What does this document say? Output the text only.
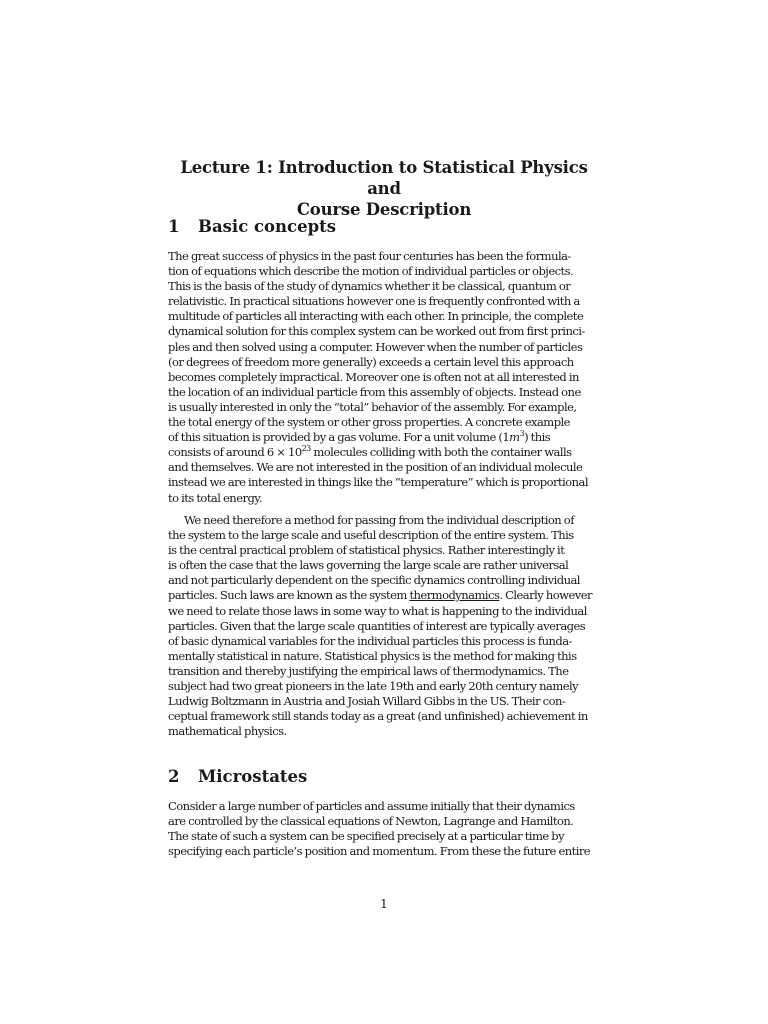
Lecture 1: Introduction to Statistical Physics and
Course Description
1 Basic concepts
The great success of physics in the past four centuries has been the formula-
tion of equations which describe the motion of individual particles or objects.
This is the basis of the study of dynamics whether it be classical, quantum or
relativistic. In practical situations however one is frequently confronted with a
multitude of particles all interacting with each other. In principle, the complete
dynamical solution for this complex system can be worked out from first princi-
ples and then solved using a computer. However when the number of particles
(or degrees of freedom more generally) exceeds a certain level this approach
becomes completely impractical. Moreover one is often not at all interested in
the location of an individual particle from this assembly of objects. Instead one
is usually interested in only the “total” behavior of the assembly. For example,
the total energy of the system or other gross properties. A concrete example
of this situation is provided by a gas volume. For a unit volume $(1m^3)$ this
consists of around $6 \times 10^{23}$ molecules colliding with both the container walls
and themselves. We are not interested in the position of an individual molecule
instead we are interested in things like the “temperature” which is proportional
to its total energy.
We need therefore a method for passing from the individual description of
the system to the large scale and useful description of the entire system. This
is the central practical problem of statistical physics. Rather interestingly it
is often the case that the laws governing the large scale are rather universal
and not particularly dependent on the specific dynamics controlling individual
particles. Such laws are known as the system thermodynamics. Clearly however
we need to relate those laws in some way to what is happening to the individual
particles. Given that the large scale quantities of interest are typically averages
of basic dynamical variables for the individual particles this process is funda-
mentally statistical in nature. Statistical physics is the method for making this
transition and thereby justifying the empirical laws of thermodynamics. The
subject had two great pioneers in the late 19th and early 20th century namely
Ludwig Boltzmann in Austria and Josiah Willard Gibbs in the US. Their con-
ceptual framework still stands today as a great (and unfinished) achievement in
mathematical physics.
2 Microstates
Consider a large number of particles and assume initially that their dynamics
are controlled by the classical equations of Newton, Lagrange and Hamilton.
The state of such a system can be specified precisely at a particular time by
specifying each particle’s position and momentum. From these the future entire
1
